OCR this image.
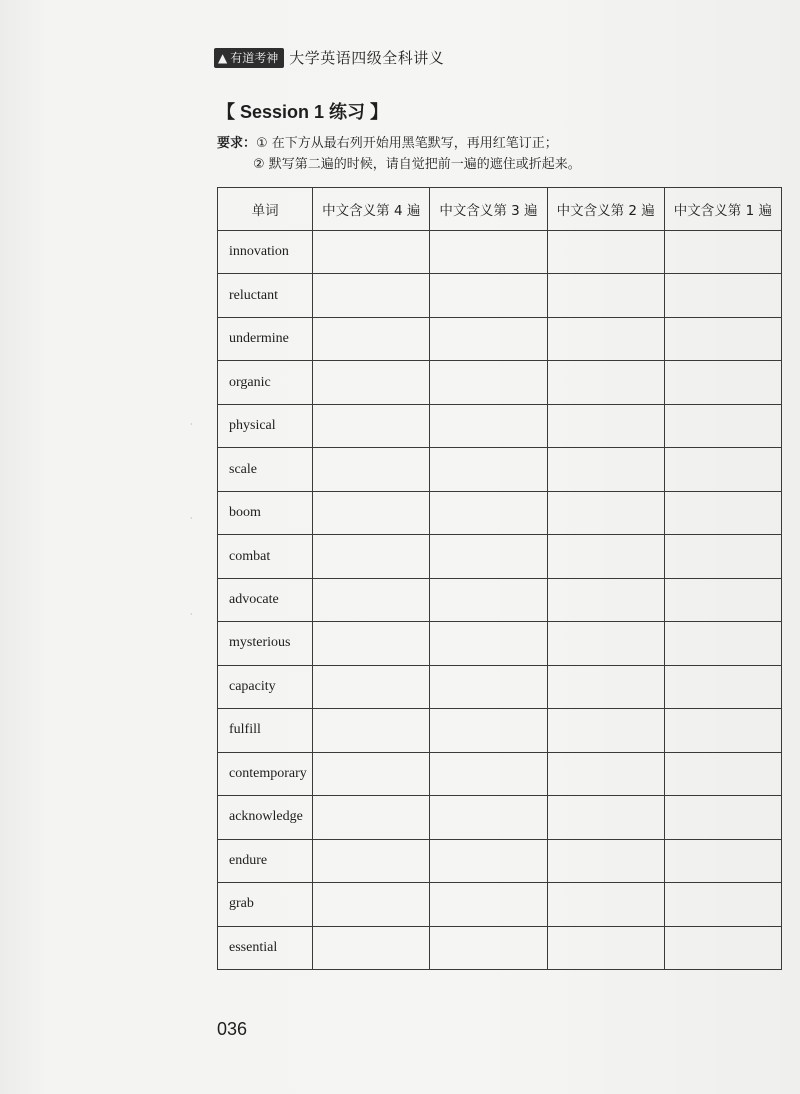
▲ 有道考神 大学英语四级全科讲义
【 Session 1 练习 】
要求：① 在下方从最右列开始用黑笔默写，再用红笔订正；
② 默写第二遍的时候，请自觉把前一遍的遮住或折起来。
·
·
·
单词	中文含义第 4 遍	中文含义第 3 遍	中文含义第 2 遍	中文含义第 1 遍
innovation				
reluctant				
undermine				
organic				
physical				
scale				
boom				
combat				
advocate				
mysterious				
capacity				
fulfill				
contemporary				
acknowledge				
endure				
grab				
essential				
036
